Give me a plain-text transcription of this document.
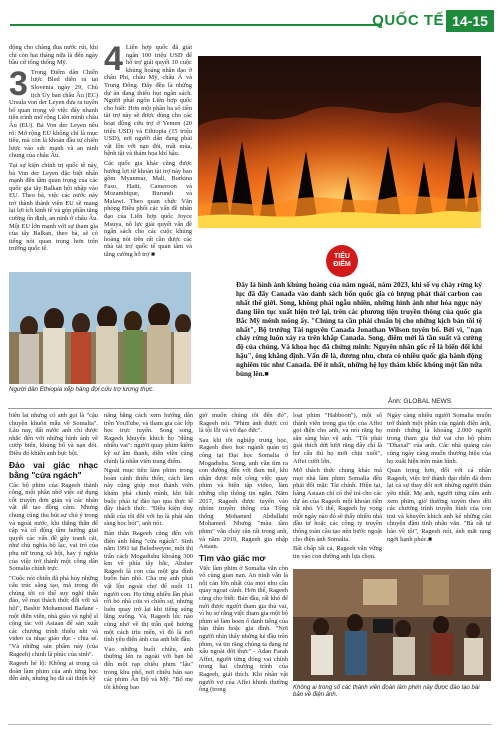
QUỐC TẾ 14-15

động cho chàng đua nước rút, khi chỉ còn hai tháng nữa là đến ngày bầu cử tổng thống Mỹ.

3 Trong Điểm dân Chiến lược Bled diễn ra tại Slovenia ngày 29, Chủ tịch Ủy ban châu Âu (EC) Ursula von der Leyen đưa ra tuyên bố quan trọng về việc đẩy nhanh tiến trình mở rộng Liên minh châu Âu (EU). Bà Von der Leyen nêu rõ: Mở rộng EU không chỉ là mục tiêu, mà còn là khoản đầu tư chiến lược vào sức mạnh và an ninh chung của châu Âu.

Tại sự kiện chính trị quốc tế này, bà Von der Leyen đặc biệt nhấn mạnh đến tầm quan trọng của các quốc gia tây Balkan hội nhập vào EU. Theo bà, việc các nước này trở thành thành viên EU sẽ mang lại lợi ích kinh tế và góp phần tăng cường ổn định, an ninh ở châu Âu. Một EU lớn mạnh với sự tham gia của tây Balkan, theo bà, sẽ có tiếng nói quan trọng hơn trên trường quốc tế.

4 Liên hợp quốc đã giải ngân 100 triệu USD để hỗ trợ giải quyết 10 cuộc khủng hoảng nhân đạo ở châu Phi, châu Mỹ, châu Á và Trung Đông. Đây đều là những dự án đang thiếu hụt ngân sách. Người phát ngôn Liên hợp quốc cho biết: Hơn một phần ba số tiền tài trợ này sẽ được dùng cho các hoạt động cứu trợ ở Yemen (20 triệu USD) và Ethiopia (15 triệu USD), nơi người dân đang phải vật lộn với nạn đói, mất mùa, bệnh tật và thảm họa khí hậu.

Các quốc gia khác cũng được hưởng lợi từ khoản tài trợ này bao gồm Myanmar, Mali, Burkina Faso, Haiti, Cameroon và Mozambique, Burundi và Malawi. Theo quan chức Văn phòng Điều phối các vấn đề nhân đạo của Liên hợp quốc Joyce Msuya, nỗ lực giải quyết vấn đề ngân sách cho các cuộc khủng hoảng nói trên rất cần được các nhà tài trợ quốc tế quan tâm và tăng cường hỗ trợ ■	TIÊU
ĐIỂM
Đây là hình ảnh khủng hoảng của năm ngoái, năm 2023, khi số vụ cháy rừng kỷ lục đã đẩy Canada vào danh sách bốn quốc gia có lượng phát thải carbon cao nhất thế giới. Song, không phải ngẫu nhiên, những hình ảnh như hỏa ngục này đang liên tục xuất hiện trở lại, trên các phương tiện truyền thông của quốc gia Bắc Mỹ mênh mông ấy. "Chúng ta cần phải chuẩn bị cho những kịch bản tồi tệ nhất", Bộ trưởng Tài nguyên Canada Jonathan Wilson tuyên bố. Bởi vì, "nạn cháy rừng luôn xảy ra trên khắp Canada. Song, điểm mới là tần suất và cường độ của chúng. Và khoa học đã chứng minh: Nguyên nhân gốc rễ là biến đổi khí hậu", ông khẳng định. Vấn đề là, đương nhu, chưa có nhiều quốc gia hành động nghiêm túc như Canada. Để ít nhất, những hệ lụy thảm khốc không một lần nữa bùng lên.■
Ảnh: GLOBAL NEWS
Người dân Ethiopia xếp hàng đợi cứu trợ lương thực.

biên lai nhưng có anh gọi là "cậu chuyện khuôn mẫu về Somalia". Lâu nay, đất nước anh chỉ được nhắc đến với những hình ảnh về cướp biển, khủng bố và nạn đói. Điều đó khiến anh bực bội.

Đảo vai giác nhạc bằng "cửa ngách"

Các bộ phim của Rageeh thành công, một phần nhờ việc sử dụng cốt truyện đơn giản và các nhân vật dễ tạo đồng cảm. Nhưng chung cũng thu hút sự chú ý trong và ngoài nước, khi thắng thắn để cập và cổ động tầm hướng giải quyết các vấn đề gây tranh cãi, như chủ nghĩa bộ lạc, vai trò của phụ nữ trong xã hội, hay ý nghĩa của việc trở thành một công dân Somalia chính trực.

"Cuộc nói chiến đã phá hủy những cấu trúc sâng tạo, mà trong đó chúng tôi có thể suy nghĩ thấu đáo, về mọi thách thức đối với xã hội", Bashir Mohamoud Badane - một diễn viên, nhà giáo và nghệ sĩ cộng tác với Astaan để sản xuất các chương trình thiếu nhi và video ca nhạc giáo dục - chia sẻ. "Và những sản phẩm này (của Rageeh) chính là phúc của sinh".

Rageeh hé lộ: Không ai trong cả đoàn làm phim của anh từng học đến ảnh, nhưng họ đã cải thiện kỹ

năng bằng cách xem hướng dẫn trên YouTube, và tham gia các lớp học trực tuyến. Song song, Rageeh khuyến khích họ "dũng nhiều vai": người quay phim kiêm kỹ sư âm thanh, diễn viên cũng chính là nhân viên trang điểm.

Ngoài mục tiêu làm phim trong hoàn cảnh thiếu thốn, cách làm này cũng giúp mọi thành viên khám phá chính mình, khi bất buộc phải tự đào tạo qua thực tế đầy thách thức. "Điều kiện duy nhất của tôi đối với họ là phải sẵn sàng học hỏi", anh nói.

Bản thân Rageeh cũng đến với điện ảnh bằng "cửa ngách". Sinh năm 1991 tại Beledweyne, một thị trấn cách Mogadishu khoảng 300 km về phía tây bắc, Absher Rageeh là con của một gia đình buôn bán nhỏ. Cha mẹ anh phải vật lộn ngoài chợ để nuôi 11 người con. Họ từng nhiều lần phải rời bỏ nhà cửa vì chiến sự, nhưng luôn quay trở lại khi tiếng súng lắng xuống. Và, Rageeh lúc nào cũng nhớ về thị trấn quê hương một cách trìu mến, vì đó là nơi tình yêu điện ảnh của anh bắt đầu.

Vào những buổi chiều, anh thường lén ra ngoài với bạn bè đến một rạp chiếu phim "lậu" trong khu phố, nơi chiếu bản sao các phim Ấn Độ và Mỹ. "Bố mẹ tôi không bao

giờ muốn chúng tôi đến đó", Rageeh nói. "Phim ảnh được coi là tội lỗi và vô đạo đức".

Sau khi tốt nghiệp trung học, Rageeh theo học ngành quản trị công tại Đại học Somalia ở Mogadishu. Song, anh vẫn tìm ra con đường đến với đam mê, khi nhận được một công việc quay phim và biên tập video, làm những clip thông tin ngắn. Năm 2017, Rageeh được tuyển vào nhóm truyền thông của Tổng thống Mohamed Abdullahi Mohamed. Nhưng "màu tầm phim" vẫn cháy rân rất trong anh, và năm 2019, Rageeh gia nhập Astaan.

Tìm vào giấc mơ

Việc làm phim ở Somalia vẫn còn vô cùng gian nan. An ninh vẫn là nỗi cản lớn nhất của mọi nhu cầu quay ngoại cảnh. Hơn thế, Rageeh cũng cho biết: Bản đầu, rất khó để mời được người tham gia thủ vai, vì họ sợ rằng việc tham gia một bộ phim sẽ làm hoen ố danh tiếng của bản thân hoặc gia đình. "Nơi người nhìn thấy những kẻ đầu trên phim, và tin rằng chúng ta đang tự xấu ngoài đời thực" - Adan Farah Affei, người từng đóng vai chính trong hai chương trình của Rageeh, giải thích. Khi nhân vật người vợ của Affei khinh thường ông (trong

loạt phim "Habboon"), một số thành viên trong gia tộc của Affei gọi điện cho anh, và nói rằng họ sẵn sàng bảo vệ anh. "Tôi phải giải thích dứt lười rằng đây chỉ là hư cấu thì họ mới chịu xuôi", Affei cười lớn.

Mớ thách thức chung khác mà mọi nhà làm phim Somalia đều phải đối mặt: Tài chính. Hiện tại, hãng Astaan chỉ có thể trả cho các dự án của Rageeh một khoản tiền rất nhỏ. Vì thế, Rageeh hy vọng một ngày nào đó sẽ thấy nhiều nhà đầu tư hoặc các công ty truyền thông toàn cầu tạo nên bước ngoặt cho điện ảnh Somalia.

Bất chấp tất cả, Rageeh vẫn vững tin vào con đường anh lựa chọn.

Ngày càng nhiều người Somalia muốn trở thành một phần của ngành điện ảnh, minh chứng là khoảng 2.000 người trong tham gia thử vai cho bộ phim "Dhaxal" của anh. Các nhà quảng cáo cũng ngày càng muốn thương hiệu của họ xuất hiện trên màn hình.

Quan trọng hơn, đối với cá nhân Rageeh, việc trở thành đạo diễn đã đem lại cả sự thay đổi nơi những người thân yêu nhất. Mẹ anh, người từng cấm anh xem phim, giờ thường xuyên theo dõi các chương trình truyền hình của con trai và khuyến khích anh kể những câu chuyện đậm tính nhân văn. "Bà rất tự hào về tôi", Rageeh nói, ánh mắt rạng ngời hạnh phúc.■

Không ai trong số các thành viên đoàn làm phim này được đào tạo bài bản về điện ảnh.
